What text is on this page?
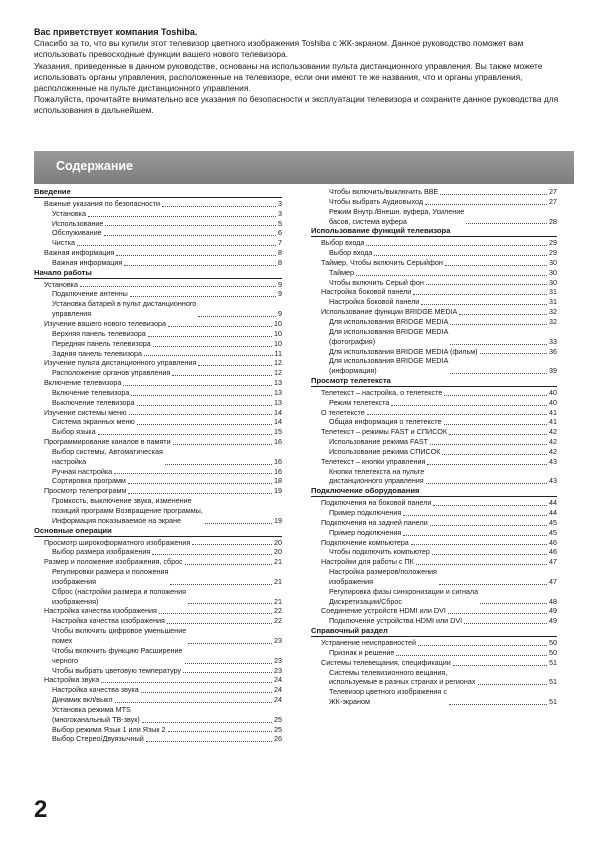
Вас приветствует компания Toshiba.

Спасибо за то, что вы купили этот телевизор цветного изображения Toshiba с ЖК-экраном. Данное руководство поможет вам использовать превосходные функции вашего нового телевизора.

Указания, приведенные в данном руководстве, основаны на использовании пульта дистанционного управления. Вы также можете использовать органы управления, расположенные на телевизоре, если они имеют те же названия, что и органы управления, расположенные на пульте дистанционного управления.

Пожалуйста, прочитайте внимательно все указания по безопасности и эксплуатации телевизора и сохраните данное руководства для использования в дальнейшем.

Содержание
Введение
Важные указания по безопасности	3
Установка	3
Использование	5
Обслуживание	6
Чистка	7
Важная информация	8
Важная информация	8
Начало работы
Установка	9
Подключение антенны	9
Установка батарей в пульт дистанционного
управления	9
Изучение вашего нового телевизора	10
Верхняя панель телевизора	10
Передняя панель телевизора	10
Задняя панель телевизора	11
Изучение пульта дистанционного управления	12
Расположение органов управления	12
Включение телевизора	13
Включение телевизора	13
Выключение телевизора	13
Изучение системы меню	14
Система экранных меню	14
Выбор языка	15
Программирование каналов в памяти	16
Выбор системы, Автоматическая
настройка	16
Ручная настройка	16
Сортировка программ	18
Просмотр телепрограмм	19
Громкость, выключение звука, изменение
позиций программ Возвращение программы,
Информация показываемое на экране	19
Основные операции
Просмотр широкоформатного изображения	20
Выбор размера изображения	20
Размер и положение изображения, сброс	21
Регулировки размера и положения
изображения	21
Сброс (настройки размера и положения
изображения)	21
Настройка качества изображения	22
Настройка качества изображения	22
Чтобы включить цифровое уменьшение
помех	23
Чтобы включить функцию Расширение
черного	23
Чтобы выбрать цветовую температуру	23
Настройка звука	24
Настройка качества звука	24
Динамик вкл/выкл	24
Установка режима MTS
(многоканальный ТВ-звук)	25
Выбор режима Язык 1 или Язык 2	25
Выбор Стерео/Двуязычный	26
Чтобы включить/выключить BBE	27
Чтобы выбрать Аудиовыход	27
Режим Внутр./Внешн. вуфера, Усиление
басов, система вуфера	28
Использование функций телевизора
Выбор входа	29
Выбор входа	29
Таймер, Чтобы включить Серыйфон	30
Таймер	30
Чтобы включить Серый фон	30
Настройка боковой панели	31
Настройка боковой панели	31
Использование функции BRIDGE MEDIA	32
Для использования BRIDGE MEDIA	32
Для использования BRIDGE MEDIA
(фотография)	33
Для использования BRIDGE MEDIA (фильм)	36
Для использования BRIDGE MEDIA
(информация)	39
Просмотр телетекста
Телетекст – настройка, о телетексте	40
Режим телетекста	40
О телетексте	41
Общая информация о телетексте	41
Телетекст – режимы FAST и СПИСОК	42
Использование режима FAST	42
Использование режима СПИСОК	42
Телетекст – кнопки управления	43
Кнопки телетекста на пульте
дистанционного управления	43
Подключение оборудования
Подключения на боковой панели	44
Пример подключения	44
Подключения на задней панели	45
Пример подключения	45
Подключение компьютера	46
Чтобы подключить компьютер	46
Настройки для работы с ПК	47
Настройка размеров/положения
изображения	47
Регулировка фазы синхронизации и сигнала
Дискретизации/Сброс	48
Соединение устройств HDMI или DVI	49
Подключение устройства HDMI или DVI	49
Справочный раздел
Устранение неисправностей	50
Признак и решение	50
Системы телевещания, спецификации	51
Системы телевизионного вещания,
используемые в разных странах и регионах	51
Телевизор цветного изображения с
ЖК-экраном	51
2
